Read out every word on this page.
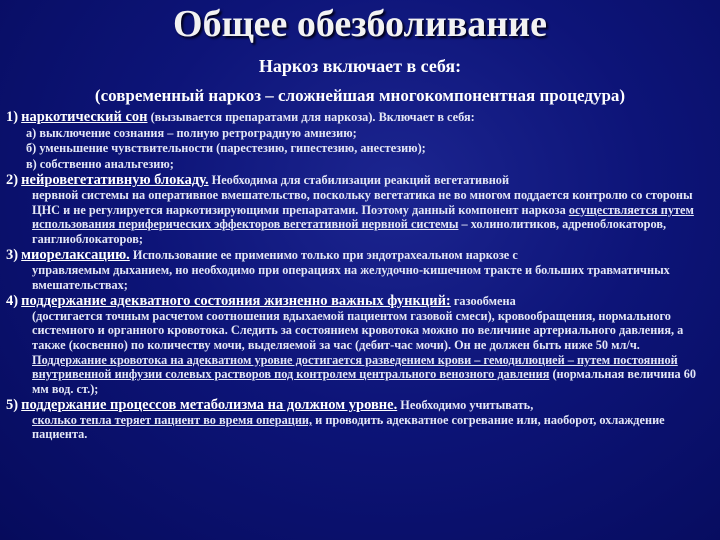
Общее обезболивание
Наркоз включает в себя:
(современный наркоз – сложнейшая многокомпонентная процедура)
1) наркотический сон (вызывается препаратами для наркоза). Включает в себя:
а) выключение сознания – полную ретроградную амнезию;
б) уменьшение чувствительности (парестезию, гипестезию, анестезию);
в) собственно анальгезию;
2) нейровегетативную блокаду. Необходима для стабилизации реакций вегетативной
нервной системы на оперативное вмешательство, поскольку вегетатика не во многом поддается контролю со стороны ЦНС и не регулируется наркотизирующими препаратами. Поэтому данный компонент наркоза осуществляется путем использования периферических эффекторов вегетативной нервной системы – холинолитиков, адреноблокаторов, ганглиоблокаторов;
3) миорелаксацию. Использование ее применимо только при эндотрахеальном наркозе с
управляемым дыханием, но необходимо при операциях на желудочно-кишечном тракте и больших травматичных вмешательствах;
4) поддержание адекватного состояния жизненно важных функций: газообмена
(достигается точным расчетом соотношения вдыхаемой пациентом газовой смеси), кровообращения, нормального системного и органного кровотока. Следить за состоянием кровотока можно по величине артериального давления, а также (косвенно) по количеству мочи, выделяемой за час (дебит-час мочи). Он не должен быть ниже 50 мл/ч. Поддержание кровотока на адекватном уровне достигается разведением крови – гемодилюцией – путем постоянной внутривенной инфузии солевых растворов под контролем центрального венозного давления (нормальная величина 60 мм вод. ст.);
5) поддержание процессов метаболизма на должном уровне. Необходимо учитывать,
сколько тепла теряет пациент во время операции, и проводить адекватное согревание или, наоборот, охлаждение пациента.
